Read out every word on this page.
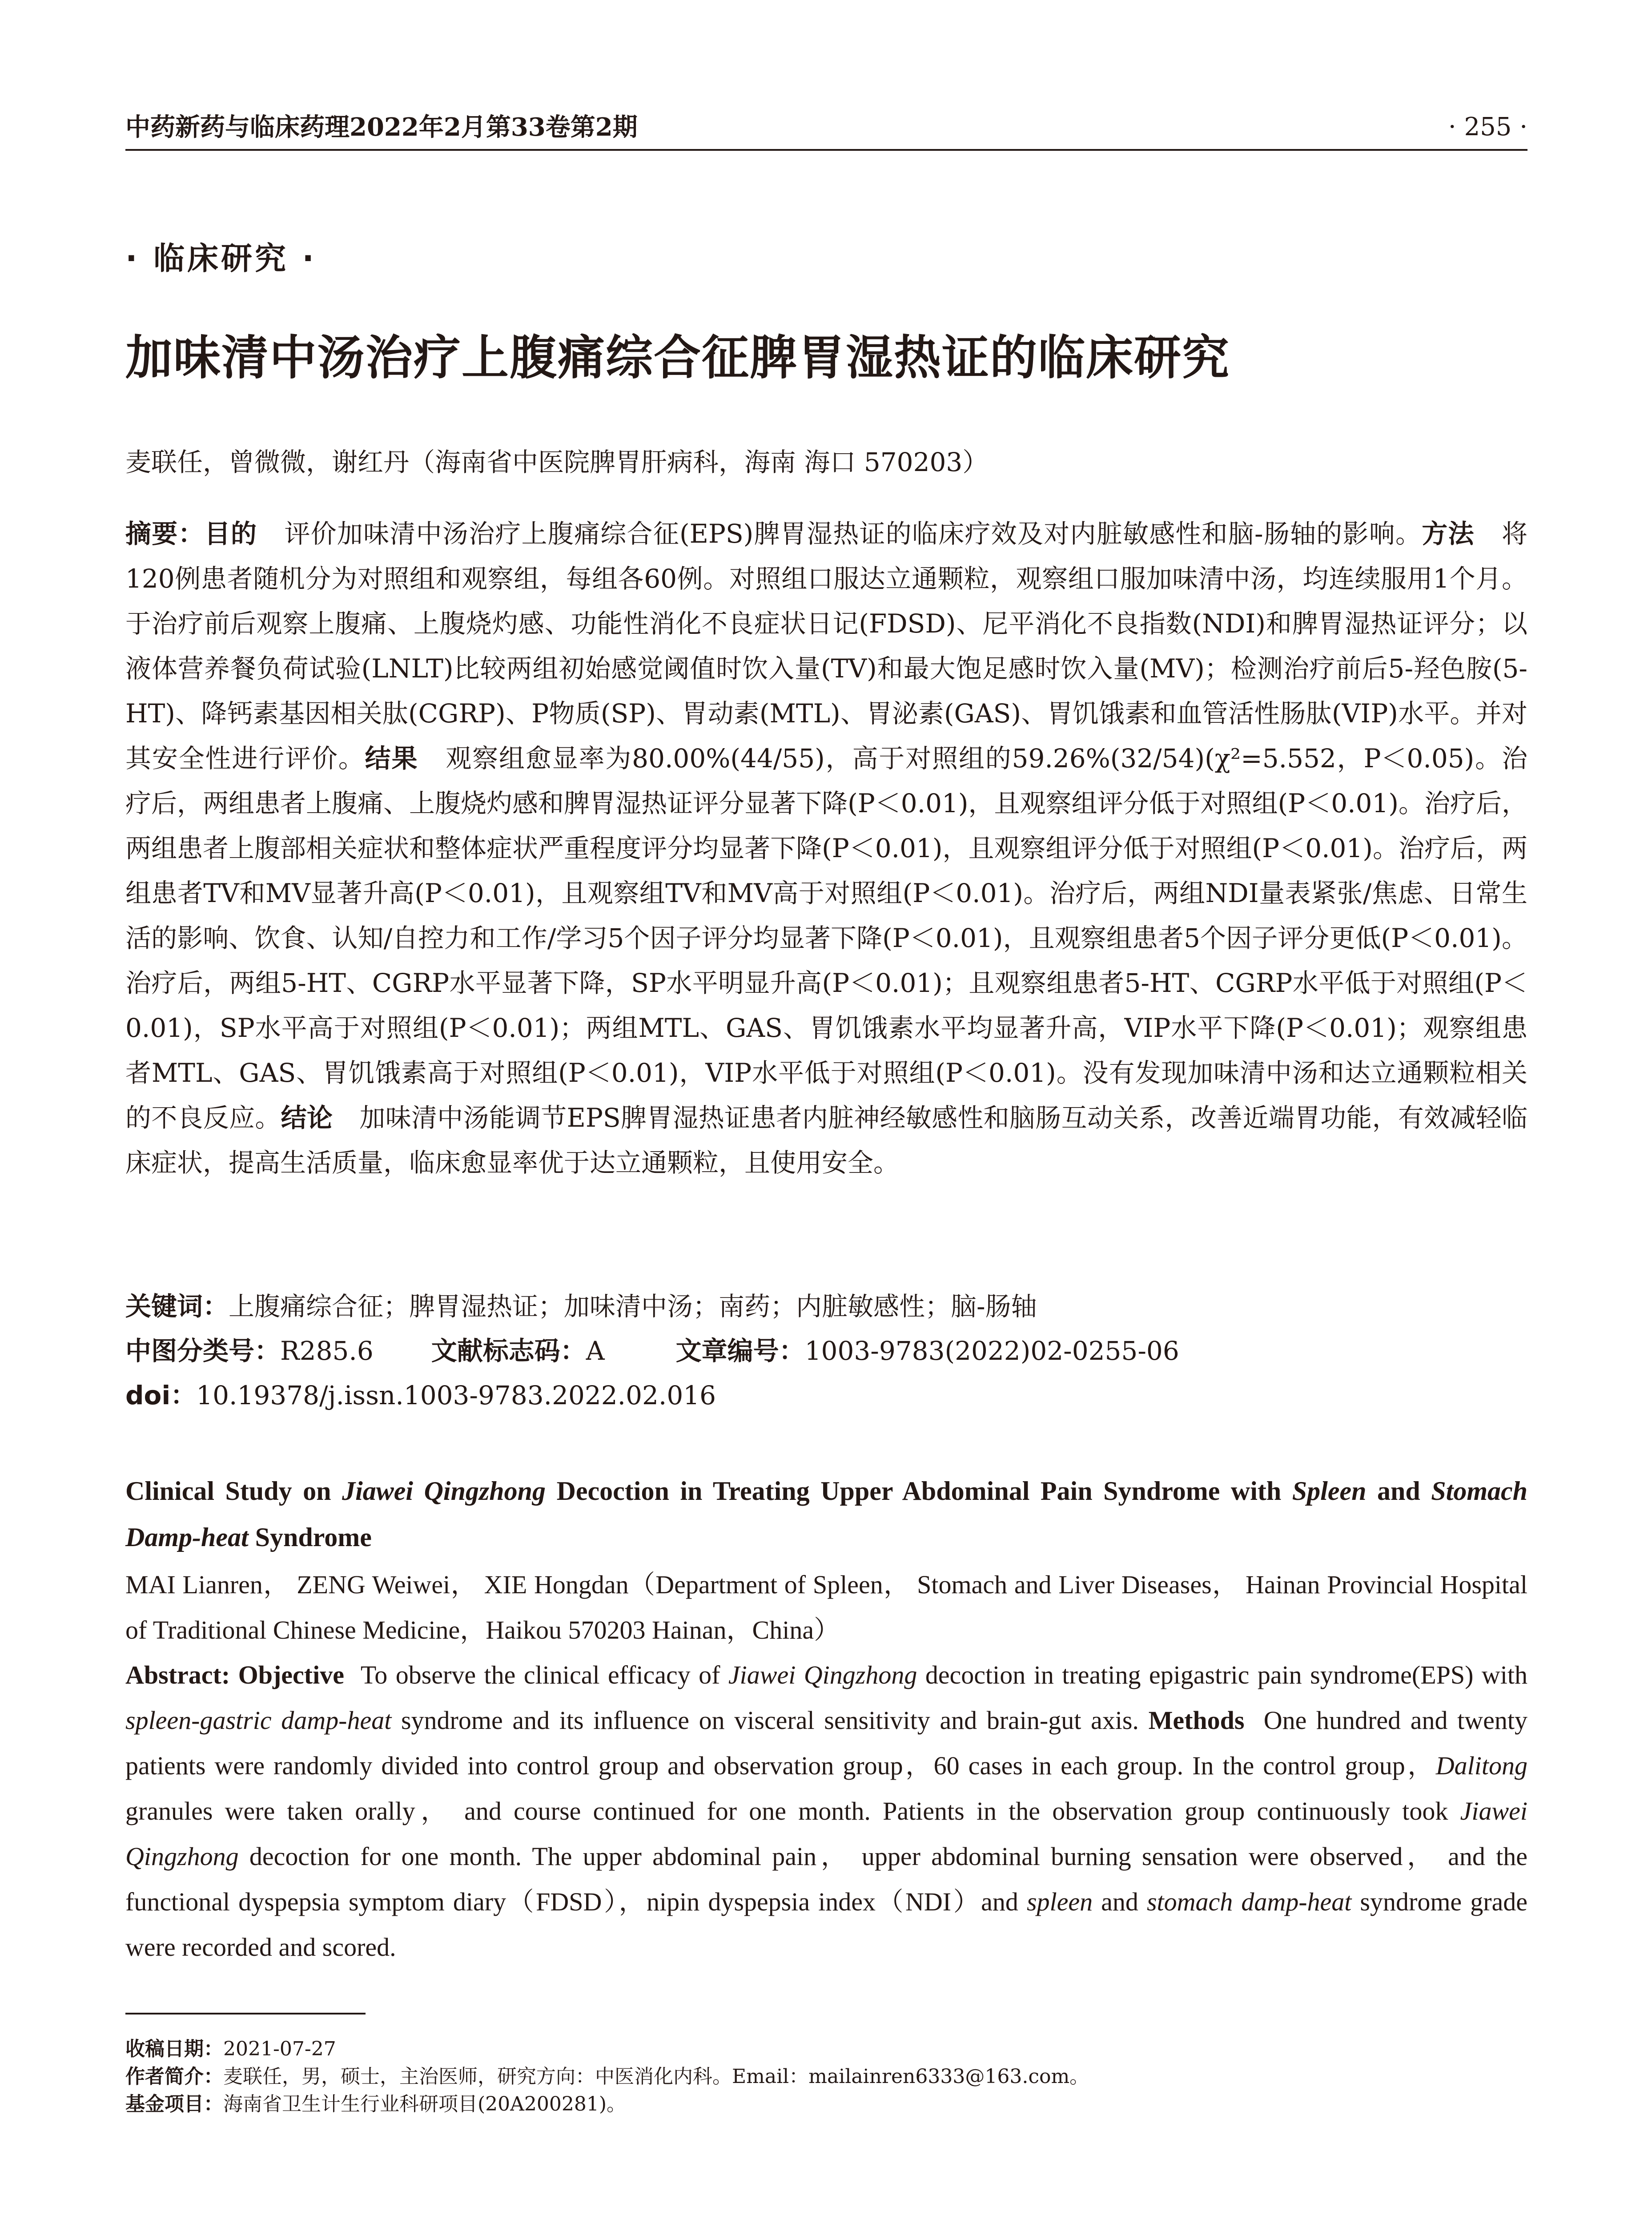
中药新药与临床药理2022年2月第33卷第2期	· 255 ·
· 临床研究 ·
加味清中汤治疗上腹痛综合征脾胃湿热证的临床研究
麦联任，曾微微，谢红丹（海南省中医院脾胃肝病科，海南 海口 570203）
摘要：目的 评价加味清中汤治疗上腹痛综合征(EPS)脾胃湿热证的临床疗效及对内脏敏感性和脑-肠轴的影响。方法 将120例患者随机分为对照组和观察组，每组各60例。对照组口服达立通颗粒，观察组口服加味清中汤，均连续服用1个月。于治疗前后观察上腹痛、上腹烧灼感、功能性消化不良症状日记(FDSD)、尼平消化不良指数(NDI)和脾胃湿热证评分；以液体营养餐负荷试验(LNLT)比较两组初始感觉阈值时饮入量(TV)和最大饱足感时饮入量(MV)；检测治疗前后5-羟色胺(5-HT)、降钙素基因相关肽(CGRP)、P物质(SP)、胃动素(MTL)、胃泌素(GAS)、胃饥饿素和血管活性肠肽(VIP)水平。并对其安全性进行评价。结果 观察组愈显率为80.00%(44/55)，高于对照组的59.26%(32/54)(χ²=5.552，P＜0.05)。治疗后，两组患者上腹痛、上腹烧灼感和脾胃湿热证评分显著下降(P＜0.01)，且观察组评分低于对照组(P＜0.01)。治疗后，两组患者上腹部相关症状和整体症状严重程度评分均显著下降(P＜0.01)，且观察组评分低于对照组(P＜0.01)。治疗后，两组患者TV和MV显著升高(P＜0.01)，且观察组TV和MV高于对照组(P＜0.01)。治疗后，两组NDI量表紧张/焦虑、日常生活的影响、饮食、认知/自控力和工作/学习5个因子评分均显著下降(P＜0.01)，且观察组患者5个因子评分更低(P＜0.01)。治疗后，两组5-HT、CGRP水平显著下降，SP水平明显升高(P＜0.01)；且观察组患者5-HT、CGRP水平低于对照组(P＜0.01)，SP水平高于对照组(P＜0.01)；两组MTL、GAS、胃饥饿素水平均显著升高，VIP水平下降(P＜0.01)；观察组患者MTL、GAS、胃饥饿素高于对照组(P＜0.01)，VIP水平低于对照组(P＜0.01)。没有发现加味清中汤和达立通颗粒相关的不良反应。结论 加味清中汤能调节EPS脾胃湿热证患者内脏神经敏感性和脑肠互动关系，改善近端胃功能，有效减轻临床症状，提高生活质量，临床愈显率优于达立通颗粒，且使用安全。
关键词：上腹痛综合征；脾胃湿热证；加味清中汤；南药；内脏敏感性；脑-肠轴
中图分类号：R285.6 文献标志码：A	文章编号：1003-9783(2022)02-0255-06
doi：10.19378/j.issn.1003-9783.2022.02.016
Clinical Study on Jiawei Qingzhong Decoction in Treating Upper Abdominal Pain Syndrome with Spleen and Stomach Damp-heat Syndrome
MAI Lianren， ZENG Weiwei， XIE Hongdan（Department of Spleen， Stomach and Liver Diseases， Hainan Provincial Hospital of Traditional Chinese Medicine，Haikou 570203 Hainan，China）
Abstract: Objective To observe the clinical efficacy of Jiawei Qingzhong decoction in treating epigastric pain syndrome(EPS) with spleen-gastric damp-heat syndrome and its influence on visceral sensitivity and brain-gut axis. Methods One hundred and twenty patients were randomly divided into control group and observation group，60 cases in each group. In the control group，Dalitong granules were taken orally， and course continued for one month. Patients in the observation group continuously took Jiawei Qingzhong decoction for one month. The upper abdominal pain， upper abdominal burning sensation were observed， and the functional dyspepsia symptom diary（FDSD），nipin dyspepsia index（NDI）and spleen and stomach damp-heat syndrome grade were recorded and scored.
收稿日期：2021-07-27
作者简介：麦联任，男，硕士，主治医师，研究方向：中医消化内科。Email：mailainren6333@163.com。
基金项目：海南省卫生计生行业科研项目(20A200281)。
